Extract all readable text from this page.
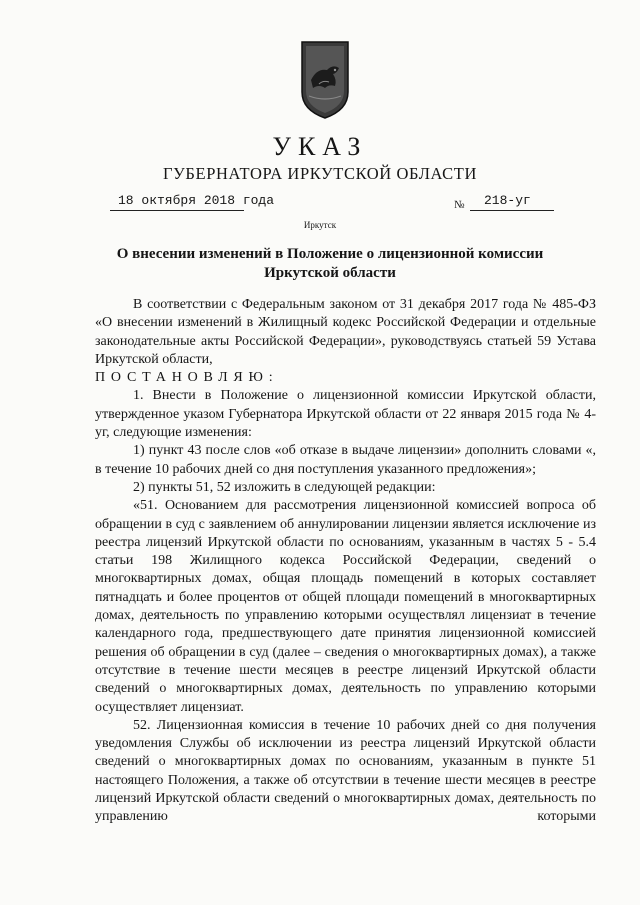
УКАЗ
ГУБЕРНАТОРА ИРКУТСКОЙ ОБЛАСТИ
18 октября 2018 года	№ 218-уг
Иркутск
О внесении изменений в Положение о лицензионной комиссии
Иркутской области

В соответствии с Федеральным законом от 31 декабря 2017 года № 485-ФЗ «О внесении изменений в Жилищный кодекс Российской Федерации и отдельные законодательные акты Российской Федерации», руководствуясь статьей 59 Устава Иркутской области,

ПОСТАНОВЛЯЮ:

1. Внести в Положение о лицензионной комиссии Иркутской области, утвержденное указом Губернатора Иркутской области от 22 января 2015 года № 4-уг, следующие изменения:

1) пункт 43 после слов «об отказе в выдаче лицензии» дополнить словами «, в течение 10 рабочих дней со дня поступления указанного предложения»;

2) пункты 51, 52 изложить в следующей редакции:

«51. Основанием для рассмотрения лицензионной комиссией вопроса об обращении в суд с заявлением об аннулировании лицензии является исключение из реестра лицензий Иркутской области по основаниям, указанным в частях 5 - 5.4 статьи 198 Жилищного кодекса Российской Федерации, сведений о многоквартирных домах, общая площадь помещений в которых составляет пятнадцать и более процентов от общей площади помещений в многоквартирных домах, деятельность по управлению которыми осуществлял лицензиат в течение календарного года, предшествующего дате принятия лицензионной комиссией решения об обращении в суд (далее – сведения о многоквартирных домах), а также отсутствие в течение шести месяцев в реестре лицензий Иркутской области сведений о многоквартирных домах, деятельность по управлению которыми осуществляет лицензиат.

52. Лицензионная комиссия в течение 10 рабочих дней со дня получения уведомления Службы об исключении из реестра лицензий Иркутской области сведений о многоквартирных домах по основаниям, указанным в пункте 51 настоящего Положения, а также об отсутствии в течение шести месяцев в реестре лицензий Иркутской области сведений о многоквартирных домах, деятельность по управлению которыми
